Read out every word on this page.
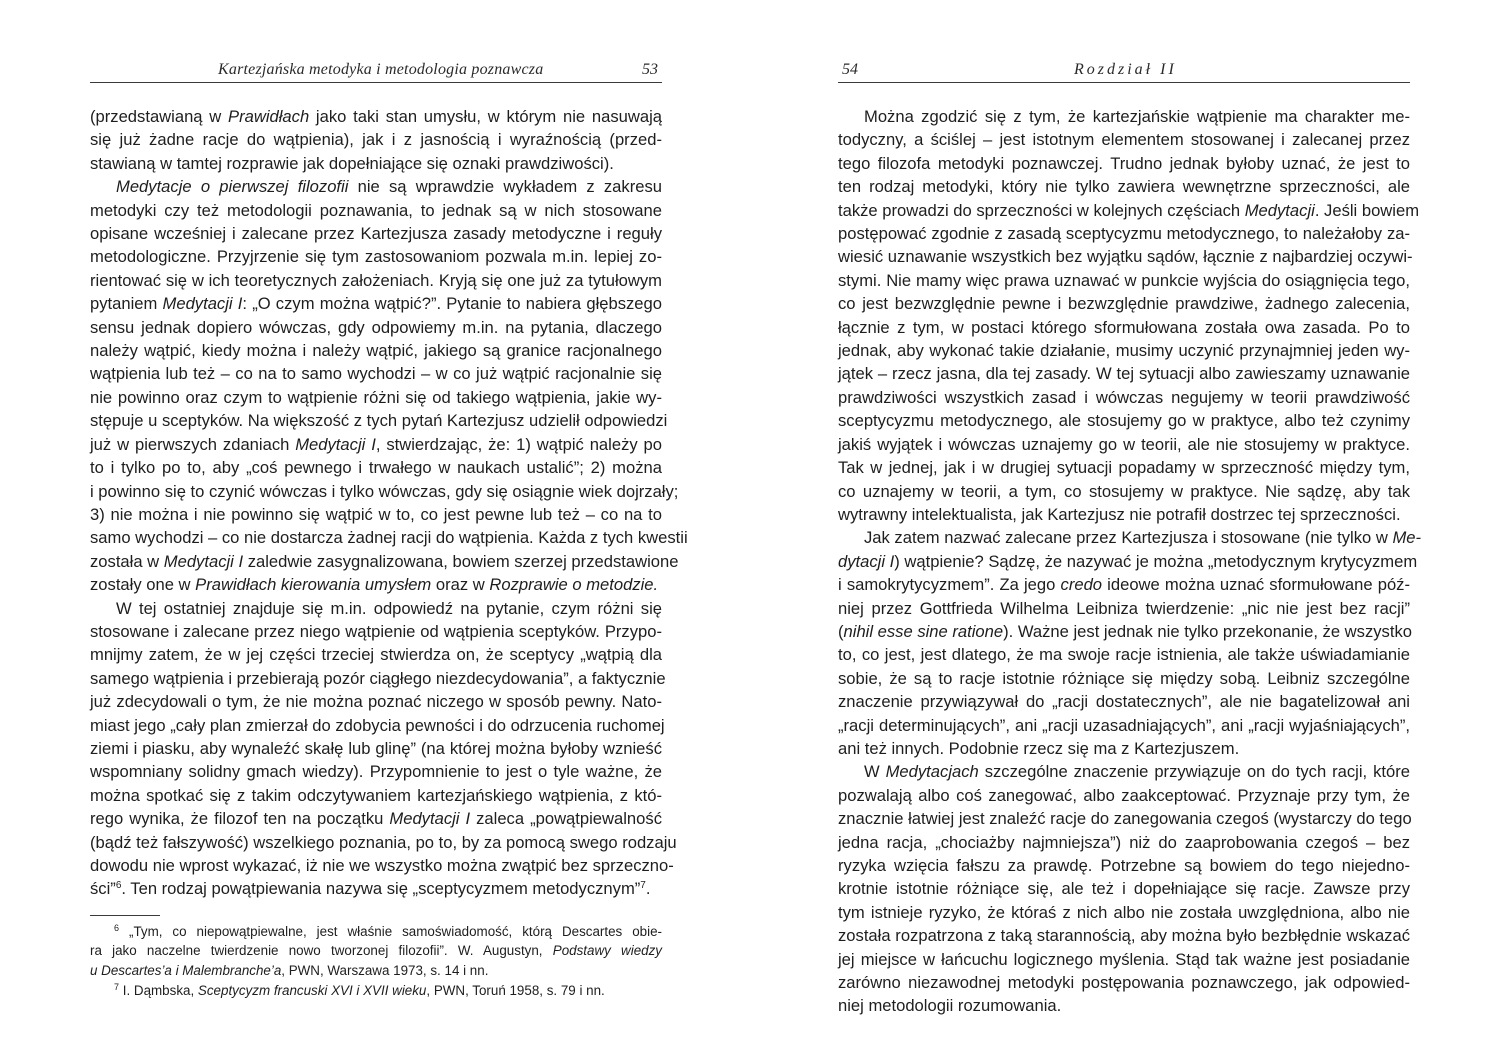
Kartezjańska metodyka i metodologia poznawcza	53
(przedstawianą w Prawidłach jako taki stan umysłu, w którym nie nasuwają
się już żadne racje do wątpienia), jak i z jasnością i wyraźnością (przed-
stawianą w tamtej rozprawie jak dopełniające się oznaki prawdziwości).
Medytacje o pierwszej filozofii nie są wprawdzie wykładem z zakresu
metodyki czy też metodologii poznawania, to jednak są w nich stosowane
opisane wcześniej i zalecane przez Kartezjusza zasady metodyczne i reguły
metodologiczne. Przyjrzenie się tym zastosowaniom pozwala m.in. lepiej zo-
rientować się w ich teoretycznych założeniach. Kryją się one już za tytułowym
pytaniem Medytacji I: „O czym można wątpić?”. Pytanie to nabiera głębszego
sensu jednak dopiero wówczas, gdy odpowiemy m.in. na pytania, dlaczego
należy wątpić, kiedy można i należy wątpić, jakiego są granice racjonalnego
wątpienia lub też – co na to samo wychodzi – w co już wątpić racjonalnie się
nie powinno oraz czym to wątpienie różni się od takiego wątpienia, jakie wy-
stępuje u sceptyków. Na większość z tych pytań Kartezjusz udzielił odpowiedzi
już w pierwszych zdaniach Medytacji I, stwierdzając, że: 1) wątpić należy po
to i tylko po to, aby „coś pewnego i trwałego w naukach ustalić”; 2) można
i powinno się to czynić wówczas i tylko wówczas, gdy się osiągnie wiek dojrzały;
3) nie można i nie powinno się wątpić w to, co jest pewne lub też – co na to
samo wychodzi – co nie dostarcza żadnej racji do wątpienia. Każda z tych kwestii
została w Medytacji I zaledwie zasygnalizowana, bowiem szerzej przedstawione
zostały one w Prawidłach kierowania umysłem oraz w Rozprawie o metodzie.
W tej ostatniej znajduje się m.in. odpowiedź na pytanie, czym różni się
stosowane i zalecane przez niego wątpienie od wątpienia sceptyków. Przypo-
mnijmy zatem, że w jej części trzeciej stwierdza on, że sceptycy „wątpią dla
samego wątpienia i przebierają pozór ciągłego niezdecydowania”, a faktycznie
już zdecydowali o tym, że nie można poznać niczego w sposób pewny. Nato-
miast jego „cały plan zmierzał do zdobycia pewności i do odrzucenia ruchomej
ziemi i piasku, aby wynaleźć skałę lub glinę” (na której można byłoby wznieść
wspomniany solidny gmach wiedzy). Przypomnienie to jest o tyle ważne, że
można spotkać się z takim odczytywaniem kartezjańskiego wątpienia, z któ-
rego wynika, że filozof ten na początku Medytacji I zaleca „powątpiewalność
(bądź też fałszywość) wszelkiego poznania, po to, by za pomocą swego rodzaju
dowodu nie wprost wykazać, iż nie we wszystko można zwątpić bez sprzeczno-
ści”$^6$. Ten rodzaj powątpiewania nazywa się „sceptycyzmem metodycznym”$^7$.
$^6$ „Tym, co niepowątpiewalne, jest właśnie samoświadomość, którą Descartes obie-
ra jako naczelne twierdzenie nowo tworzonej filozofii”. W. Augustyn, Podstawy wiedzy
u Descartes’a i Malembranche’a, PWN, Warszawa 1973, s. 14 i nn.
$^7$ I. Dąmbska, Sceptycyzm francuski XVI i XVII wieku, PWN, Toruń 1958, s. 79 i nn.
54	Rozdział II
Można zgodzić się z tym, że kartezjańskie wątpienie ma charakter me-
todyczny, a ściślej – jest istotnym elementem stosowanej i zalecanej przez
tego filozofa metodyki poznawczej. Trudno jednak byłoby uznać, że jest to
ten rodzaj metodyki, który nie tylko zawiera wewnętrzne sprzeczności, ale
także prowadzi do sprzeczności w kolejnych częściach Medytacji. Jeśli bowiem
postępować zgodnie z zasadą sceptycyzmu metodycznego, to należałoby za-
wiesić uznawanie wszystkich bez wyjątku sądów, łącznie z najbardziej oczywi-
stymi. Nie mamy więc prawa uznawać w punkcie wyjścia do osiągnięcia tego,
co jest bezwzględnie pewne i bezwzględnie prawdziwe, żadnego zalecenia,
łącznie z tym, w postaci którego sformułowana została owa zasada. Po to
jednak, aby wykonać takie działanie, musimy uczynić przynajmniej jeden wy-
jątek – rzecz jasna, dla tej zasady. W tej sytuacji albo zawieszamy uznawanie
prawdziwości wszystkich zasad i wówczas negujemy w teorii prawdziwość
sceptycyzmu metodycznego, ale stosujemy go w praktyce, albo też czynimy
jakiś wyjątek i wówczas uznajemy go w teorii, ale nie stosujemy w praktyce.
Tak w jednej, jak i w drugiej sytuacji popadamy w sprzeczność między tym,
co uznajemy w teorii, a tym, co stosujemy w praktyce. Nie sądzę, aby tak
wytrawny intelektualista, jak Kartezjusz nie potrafił dostrzec tej sprzeczności.
Jak zatem nazwać zalecane przez Kartezjusza i stosowane (nie tylko w Me-
dytacji I) wątpienie? Sądzę, że nazywać je można „metodycznym krytycyzmem
i samokrytycyzmem”. Za jego credo ideowe można uznać sformułowane póź-
niej przez Gottfrieda Wilhelma Leibniza twierdzenie: „nic nie jest bez racji”
(nihil esse sine ratione). Ważne jest jednak nie tylko przekonanie, że wszystko
to, co jest, jest dlatego, że ma swoje racje istnienia, ale także uświadamianie
sobie, że są to racje istotnie różniące się między sobą. Leibniz szczególne
znaczenie przywiązywał do „racji dostatecznych”, ale nie bagatelizował ani
„racji determinujących”, ani „racji uzasadniających”, ani „racji wyjaśniających”,
ani też innych. Podobnie rzecz się ma z Kartezjuszem.
W Medytacjach szczególne znaczenie przywiązuje on do tych racji, które
pozwalają albo coś zanegować, albo zaakceptować. Przyznaje przy tym, że
znacznie łatwiej jest znaleźć racje do zanegowania czegoś (wystarczy do tego
jedna racja, „chociażby najmniejsza”) niż do zaaprobowania czegoś – bez
ryzyka wzięcia fałszu za prawdę. Potrzebne są bowiem do tego niejedno-
krotnie istotnie różniące się, ale też i dopełniające się racje. Zawsze przy
tym istnieje ryzyko, że któraś z nich albo nie została uwzględniona, albo nie
została rozpatrzona z taką starannością, aby można było bezbłędnie wskazać
jej miejsce w łańcuchu logicznego myślenia. Stąd tak ważne jest posiadanie
zarówno niezawodnej metodyki postępowania poznawczego, jak odpowied-
niej metodologii rozumowania.
